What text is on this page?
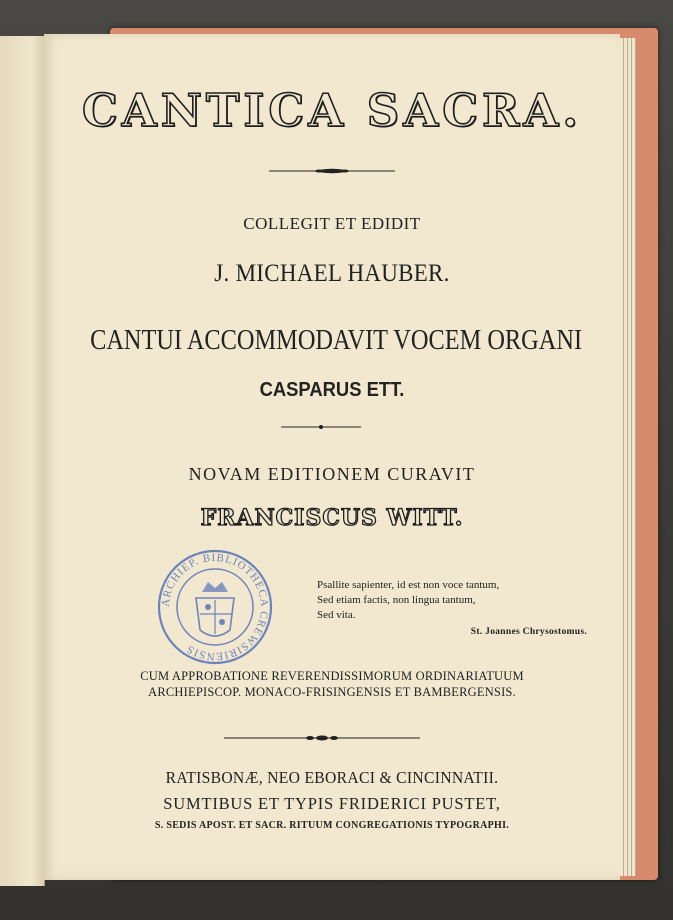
CANTICA SACRA.
COLLEGIT ET EDIDIT
J. MICHAEL HAUBER.
CANTUI ACCOMMODAVIT VOCEM ORGANI
CASPARUS ETT.
NOVAM EDITIONEM CURAVIT
FRANCISCUS WITT.
ARCHIEP. BIBLIOTHECA CREWSIRIENSIS
Psallite sapienter, id est non voce tantum,
Sed etiam factis, non lingua tantum,
Sed vita.
St. Joannes Chrysostomus.
CUM APPROBATIONE REVERENDISSIMORUM ORDINARIATUUM
ARCHIEPISCOP. MONACO-FRISINGENSIS ET BAMBERGENSIS.
RATISBONÆ, NEO EBORACI & CINCINNATII.
SUMTIBUS ET TYPIS FRIDERICI PUSTET,
S. SEDIS APOST. ET SACR. RITUUM CONGREGATIONIS TYPOGRAPHI.
